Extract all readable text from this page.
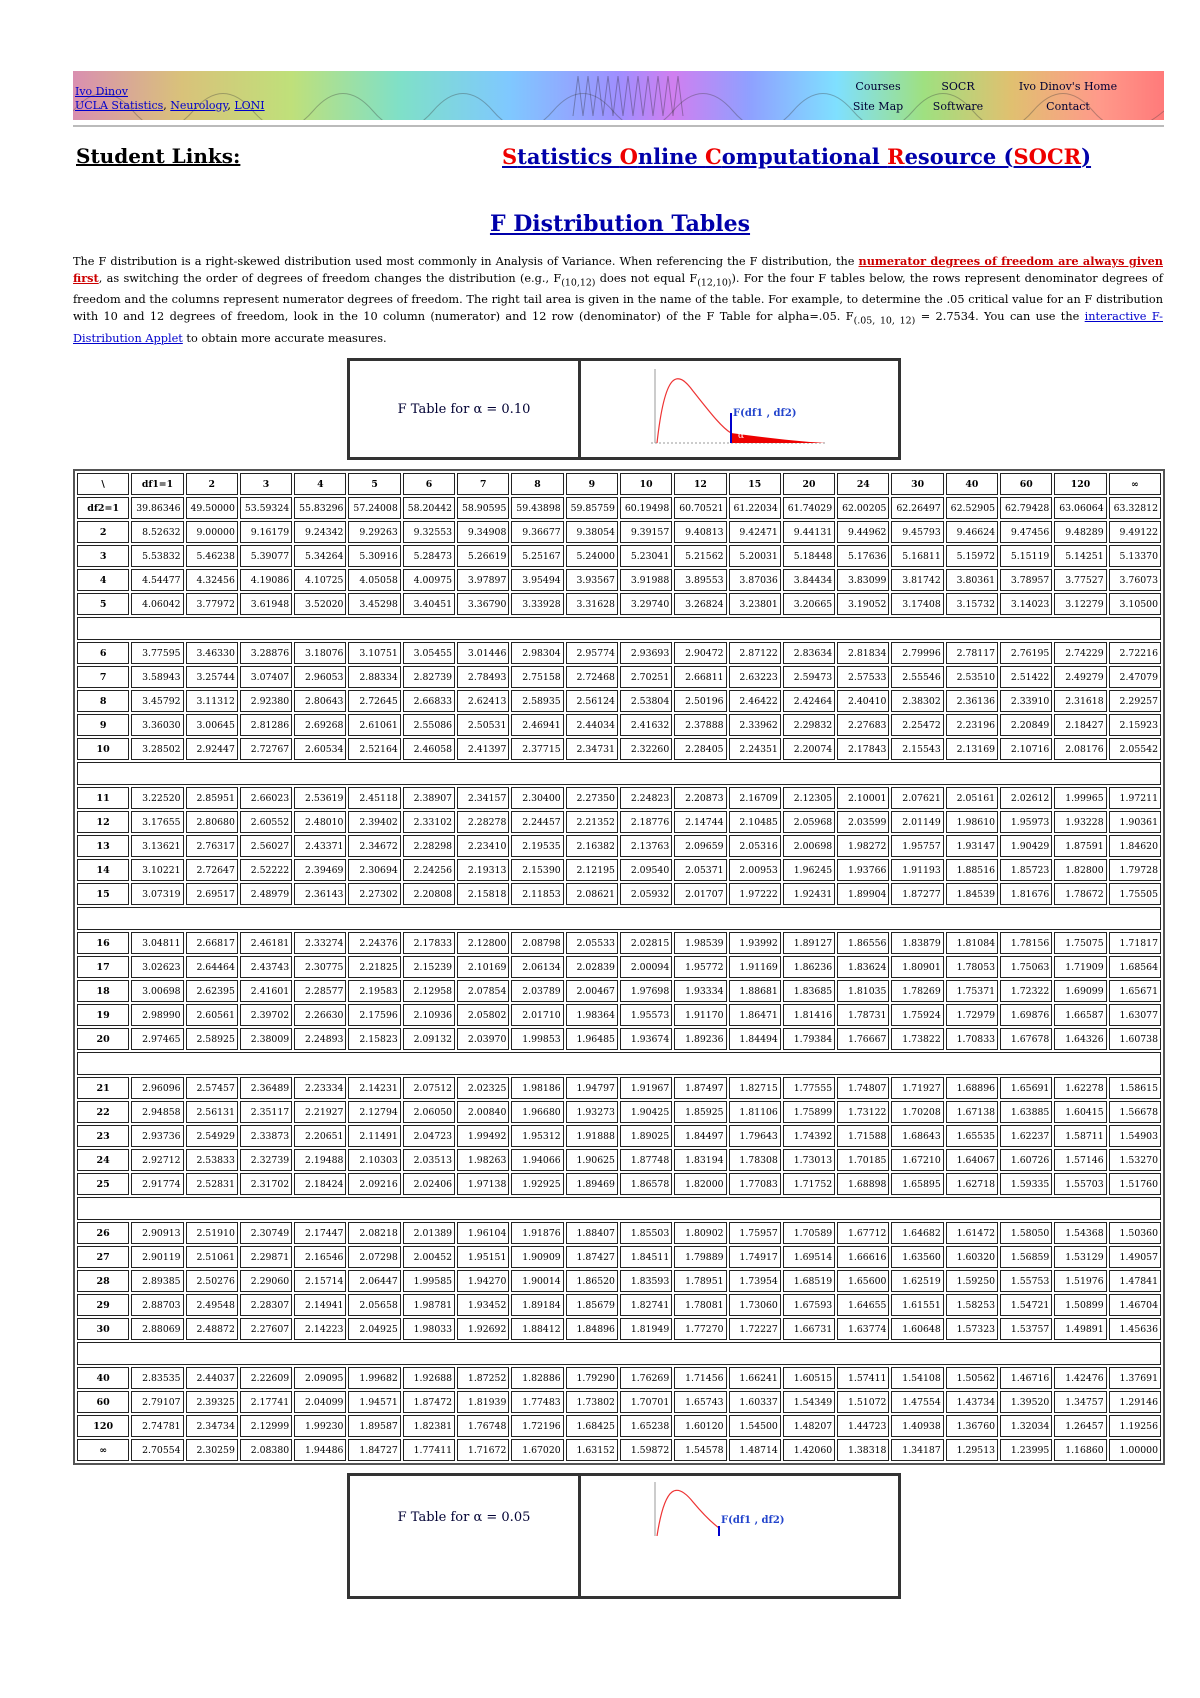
Ivo Dinov
UCLA Statistics, Neurology, LONI
Courses
Site Map
SOCR
Software
Ivo Dinov's Home
Contact
Student Links:	Statistics Online Computational Resource (SOCR)
F Distribution Tables
The F distribution is a right-skewed distribution used most commonly in Analysis of Variance. When referencing the F distribution, the numerator degrees of freedom are always given first, as switching the order of degrees of freedom changes the distribution (e.g., $F_{(10,12)}$ does not equal $F_{(12,10)}$). For the four F tables below, the rows represent denominator degrees of freedom and the columns represent numerator degrees of freedom. The right tail area is given in the name of the table. For example, to determine the .05 critical value for an F distribution with 10 and 12 degrees of freedom, look in the 10 column (numerator) and 12 row (denominator) of the F Table for alpha=.05. $F_{(.05, 10, 12)} = 2.7534$. You can use the interactive F-Distribution Applet to obtain more accurate measures.
F Table for α = 0.10	F(df1 , df2)
α
\	df1=1	2	3	4	5	6	7	8	9	10	12	15	20	24	30	40	60	120	∞
df2=1	39.86346	49.50000	53.59324	55.83296	57.24008	58.20442	58.90595	59.43898	59.85759	60.19498	60.70521	61.22034	61.74029	62.00205	62.26497	62.52905	62.79428	63.06064	63.32812
2	8.52632	9.00000	9.16179	9.24342	9.29263	9.32553	9.34908	9.36677	9.38054	9.39157	9.40813	9.42471	9.44131	9.44962	9.45793	9.46624	9.47456	9.48289	9.49122
3	5.53832	5.46238	5.39077	5.34264	5.30916	5.28473	5.26619	5.25167	5.24000	5.23041	5.21562	5.20031	5.18448	5.17636	5.16811	5.15972	5.15119	5.14251	5.13370
4	4.54477	4.32456	4.19086	4.10725	4.05058	4.00975	3.97897	3.95494	3.93567	3.91988	3.89553	3.87036	3.84434	3.83099	3.81742	3.80361	3.78957	3.77527	3.76073
5	4.06042	3.77972	3.61948	3.52020	3.45298	3.40451	3.36790	3.33928	3.31628	3.29740	3.26824	3.23801	3.20665	3.19052	3.17408	3.15732	3.14023	3.12279	3.10500

6	3.77595	3.46330	3.28876	3.18076	3.10751	3.05455	3.01446	2.98304	2.95774	2.93693	2.90472	2.87122	2.83634	2.81834	2.79996	2.78117	2.76195	2.74229	2.72216
7	3.58943	3.25744	3.07407	2.96053	2.88334	2.82739	2.78493	2.75158	2.72468	2.70251	2.66811	2.63223	2.59473	2.57533	2.55546	2.53510	2.51422	2.49279	2.47079
8	3.45792	3.11312	2.92380	2.80643	2.72645	2.66833	2.62413	2.58935	2.56124	2.53804	2.50196	2.46422	2.42464	2.40410	2.38302	2.36136	2.33910	2.31618	2.29257
9	3.36030	3.00645	2.81286	2.69268	2.61061	2.55086	2.50531	2.46941	2.44034	2.41632	2.37888	2.33962	2.29832	2.27683	2.25472	2.23196	2.20849	2.18427	2.15923
10	3.28502	2.92447	2.72767	2.60534	2.52164	2.46058	2.41397	2.37715	2.34731	2.32260	2.28405	2.24351	2.20074	2.17843	2.15543	2.13169	2.10716	2.08176	2.05542

11	3.22520	2.85951	2.66023	2.53619	2.45118	2.38907	2.34157	2.30400	2.27350	2.24823	2.20873	2.16709	2.12305	2.10001	2.07621	2.05161	2.02612	1.99965	1.97211
12	3.17655	2.80680	2.60552	2.48010	2.39402	2.33102	2.28278	2.24457	2.21352	2.18776	2.14744	2.10485	2.05968	2.03599	2.01149	1.98610	1.95973	1.93228	1.90361
13	3.13621	2.76317	2.56027	2.43371	2.34672	2.28298	2.23410	2.19535	2.16382	2.13763	2.09659	2.05316	2.00698	1.98272	1.95757	1.93147	1.90429	1.87591	1.84620
14	3.10221	2.72647	2.52222	2.39469	2.30694	2.24256	2.19313	2.15390	2.12195	2.09540	2.05371	2.00953	1.96245	1.93766	1.91193	1.88516	1.85723	1.82800	1.79728
15	3.07319	2.69517	2.48979	2.36143	2.27302	2.20808	2.15818	2.11853	2.08621	2.05932	2.01707	1.97222	1.92431	1.89904	1.87277	1.84539	1.81676	1.78672	1.75505

16	3.04811	2.66817	2.46181	2.33274	2.24376	2.17833	2.12800	2.08798	2.05533	2.02815	1.98539	1.93992	1.89127	1.86556	1.83879	1.81084	1.78156	1.75075	1.71817
17	3.02623	2.64464	2.43743	2.30775	2.21825	2.15239	2.10169	2.06134	2.02839	2.00094	1.95772	1.91169	1.86236	1.83624	1.80901	1.78053	1.75063	1.71909	1.68564
18	3.00698	2.62395	2.41601	2.28577	2.19583	2.12958	2.07854	2.03789	2.00467	1.97698	1.93334	1.88681	1.83685	1.81035	1.78269	1.75371	1.72322	1.69099	1.65671
19	2.98990	2.60561	2.39702	2.26630	2.17596	2.10936	2.05802	2.01710	1.98364	1.95573	1.91170	1.86471	1.81416	1.78731	1.75924	1.72979	1.69876	1.66587	1.63077
20	2.97465	2.58925	2.38009	2.24893	2.15823	2.09132	2.03970	1.99853	1.96485	1.93674	1.89236	1.84494	1.79384	1.76667	1.73822	1.70833	1.67678	1.64326	1.60738

21	2.96096	2.57457	2.36489	2.23334	2.14231	2.07512	2.02325	1.98186	1.94797	1.91967	1.87497	1.82715	1.77555	1.74807	1.71927	1.68896	1.65691	1.62278	1.58615
22	2.94858	2.56131	2.35117	2.21927	2.12794	2.06050	2.00840	1.96680	1.93273	1.90425	1.85925	1.81106	1.75899	1.73122	1.70208	1.67138	1.63885	1.60415	1.56678
23	2.93736	2.54929	2.33873	2.20651	2.11491	2.04723	1.99492	1.95312	1.91888	1.89025	1.84497	1.79643	1.74392	1.71588	1.68643	1.65535	1.62237	1.58711	1.54903
24	2.92712	2.53833	2.32739	2.19488	2.10303	2.03513	1.98263	1.94066	1.90625	1.87748	1.83194	1.78308	1.73013	1.70185	1.67210	1.64067	1.60726	1.57146	1.53270
25	2.91774	2.52831	2.31702	2.18424	2.09216	2.02406	1.97138	1.92925	1.89469	1.86578	1.82000	1.77083	1.71752	1.68898	1.65895	1.62718	1.59335	1.55703	1.51760

26	2.90913	2.51910	2.30749	2.17447	2.08218	2.01389	1.96104	1.91876	1.88407	1.85503	1.80902	1.75957	1.70589	1.67712	1.64682	1.61472	1.58050	1.54368	1.50360
27	2.90119	2.51061	2.29871	2.16546	2.07298	2.00452	1.95151	1.90909	1.87427	1.84511	1.79889	1.74917	1.69514	1.66616	1.63560	1.60320	1.56859	1.53129	1.49057
28	2.89385	2.50276	2.29060	2.15714	2.06447	1.99585	1.94270	1.90014	1.86520	1.83593	1.78951	1.73954	1.68519	1.65600	1.62519	1.59250	1.55753	1.51976	1.47841
29	2.88703	2.49548	2.28307	2.14941	2.05658	1.98781	1.93452	1.89184	1.85679	1.82741	1.78081	1.73060	1.67593	1.64655	1.61551	1.58253	1.54721	1.50899	1.46704
30	2.88069	2.48872	2.27607	2.14223	2.04925	1.98033	1.92692	1.88412	1.84896	1.81949	1.77270	1.72227	1.66731	1.63774	1.60648	1.57323	1.53757	1.49891	1.45636

40	2.83535	2.44037	2.22609	2.09095	1.99682	1.92688	1.87252	1.82886	1.79290	1.76269	1.71456	1.66241	1.60515	1.57411	1.54108	1.50562	1.46716	1.42476	1.37691
60	2.79107	2.39325	2.17741	2.04099	1.94571	1.87472	1.81939	1.77483	1.73802	1.70701	1.65743	1.60337	1.54349	1.51072	1.47554	1.43734	1.39520	1.34757	1.29146
120	2.74781	2.34734	2.12999	1.99230	1.89587	1.82381	1.76748	1.72196	1.68425	1.65238	1.60120	1.54500	1.48207	1.44723	1.40938	1.36760	1.32034	1.26457	1.19256
∞	2.70554	2.30259	2.08380	1.94486	1.84727	1.77411	1.71672	1.67020	1.63152	1.59872	1.54578	1.48714	1.42060	1.38318	1.34187	1.29513	1.23995	1.16860	1.00000
F Table for α = 0.05	F(df1 , df2)
